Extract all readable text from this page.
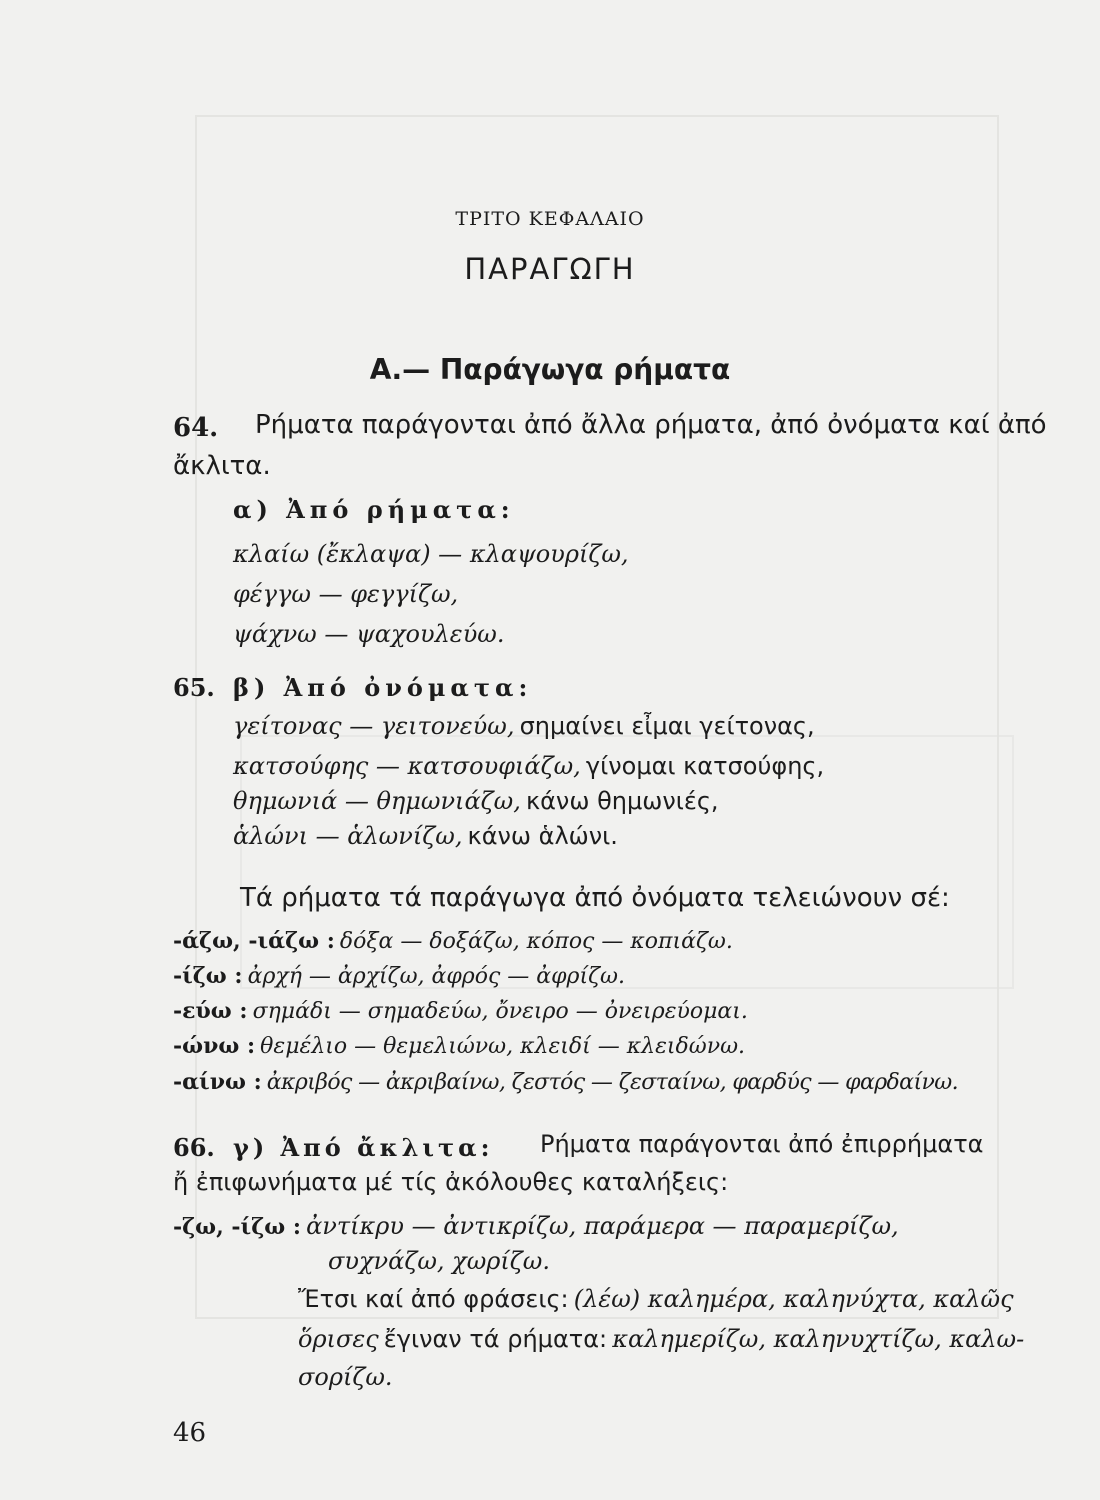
ΤΡΙΤΟ ΚΕΦΑΛΑΙΟ
ΠΑΡΑΓΩΓΗ
Α.— Παράγωγα ρήματα
64. Ρήματα παράγονται ἀπό ἄλλα ρήματα, ἀπό ὀνόματα καί ἀπό
ἄκλιτα.
α) Ἀπό ρήματα:
κλαίω (ἔκλαψα) — κλαψουρίζω,
φέγγω — φεγγίζω,
ψάχνω — ψαχουλεύω.
65. β) Ἀπό ὀνόματα:
γείτονας — γειτονεύω, σημαίνει εἶμαι γείτονας,
κατσούφης — κατσουφιάζω, γίνομαι κατσούφης,
θημωνιά — θημωνιάζω, κάνω θημωνιές,
ἁλώνι — ἁλωνίζω, κάνω ἁλώνι.
Τά ρήματα τά παράγωγα ἀπό ὀνόματα τελειώνουν σέ:
-άζω, -ιάζω : δόξα — δοξάζω, κόπος — κοπιάζω.
-ίζω : ἀρχή — ἀρχίζω, ἀφρός — ἀφρίζω.
-εύω : σημάδι — σημαδεύω, ὄνειρο — ὀνειρεύομαι.
-ώνω : θεμέλιο — θεμελιώνω, κλειδί — κλειδώνω.
-αίνω : ἀκριβός — ἀκριβαίνω, ζεστός — ζεσταίνω, φαρδύς — φαρδαίνω.
66. γ) Ἀπό ἄκλιτα: Ρήματα παράγονται ἀπό ἐπιρρήματα
ἤ ἐπιφωνήματα μέ τίς ἀκόλουθες καταλήξεις:
-ζω, -ίζω : ἀντίκρυ — ἀντικρίζω, παράμερα — παραμερίζω,
συχνάζω, χωρίζω.
Ἔτσι καί ἀπό φράσεις: (λέω) καλημέρα, καληνύχτα, καλῶς
ὅρισες ἔγιναν τά ρήματα: καλημερίζω, καληνυχτίζω, καλω-
σορίζω.
46
